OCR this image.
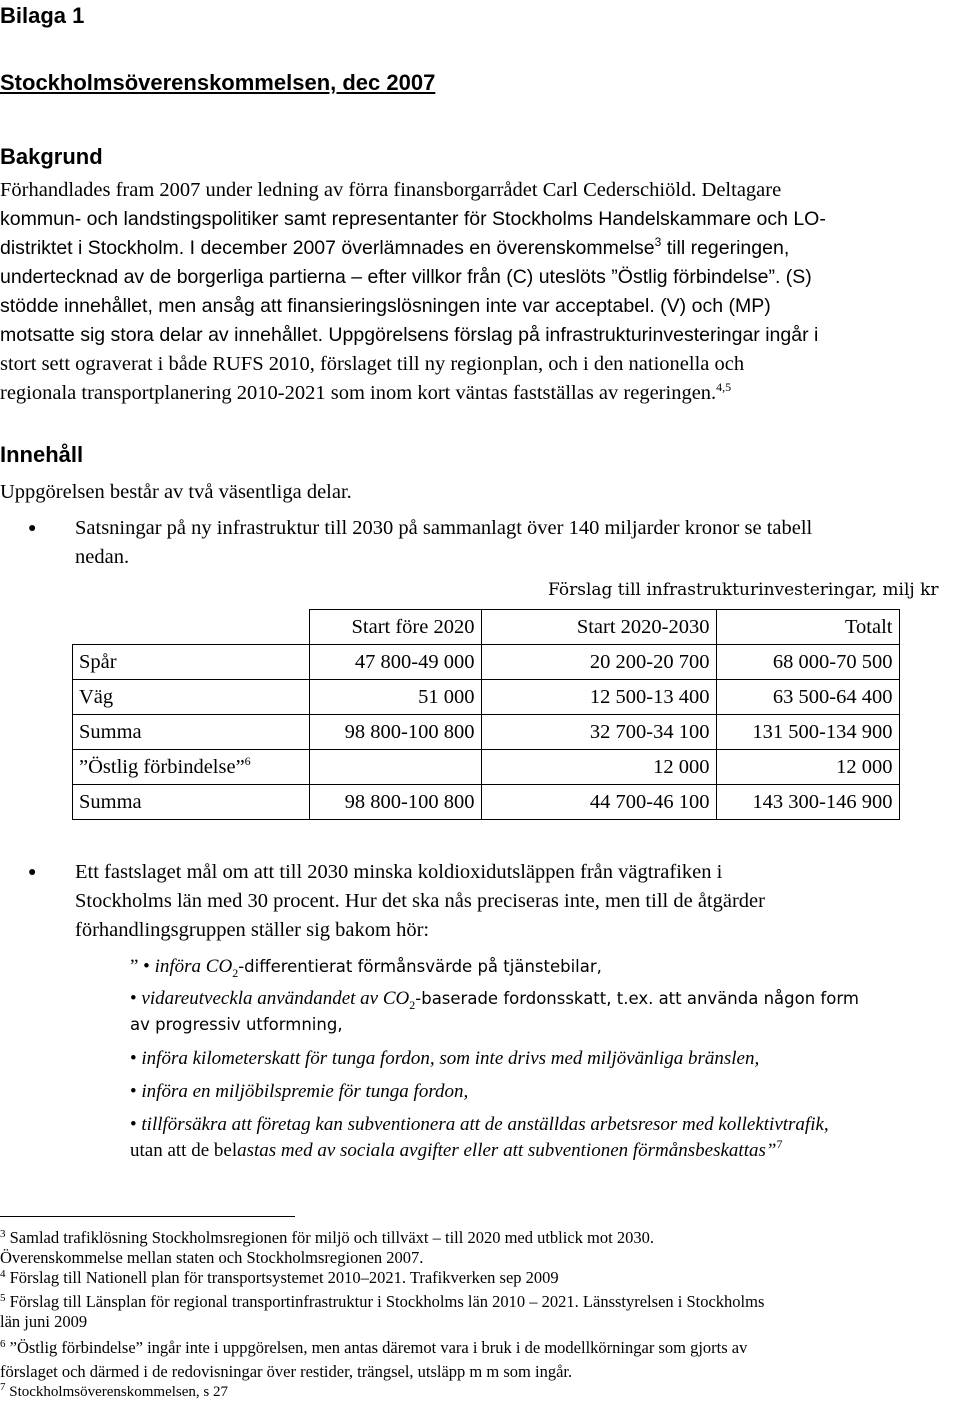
Bilaga 1
Stockholmsöverenskommelsen, dec 2007
Bakgrund
Förhandlades fram 2007 under ledning av förra finansborgarrådet Carl Cederschiöld. Deltagare
kommun- och landstingspolitiker samt representanter för Stockholms Handelskammare och LO-
distriktet i Stockholm. I december 2007 överlämnades en överenskommelse$^3$ till regeringen,
undertecknad av de borgerliga partierna – efter villkor från (C) uteslöts ”Östlig förbindelse”. (S)
stödde innehållet, men ansåg att finansieringslösningen inte var acceptabel. (V) och (MP)
motsatte sig stora delar av innehållet. Uppgörelsens förslag på infrastrukturinvesteringar ingår i
stort sett ograverat i både RUFS 2010, förslaget till ny regionplan, och i den nationella och
regionala transportplanering 2010-2021 som inom kort väntas fastställas av regeringen.$^{4,5}$
Innehåll
Uppgörelsen består av två väsentliga delar.
● Satsningar på ny infrastruktur till 2030 på sammanlagt över 140 miljarder kronor se tabell
nedan.
Förslag till infrastrukturinvesteringar, milj kr
	Start före 2020	Start 2020-2030	Totalt
Spår	47 800-49 000	20 200-20 700	68 000-70 500
Väg	51 000	12 500-13 400	63 500-64 400
Summa	98 800-100 800	32 700-34 100	131 500-134 900
”Östlig förbindelse”$^6$		12 000	12 000
Summa	98 800-100 800	44 700-46 100	143 300-146 900
● Ett fastslaget mål om att till 2030 minska koldioxidutsläppen från vägtrafiken i
Stockholms län med 30 procent. Hur det ska nås preciseras inte, men till de åtgärder
förhandlingsgruppen ställer sig bakom hör:
” • införa $CO_2$-differentierat förmånsvärde på tjänstebilar,
• vidareutveckla användandet av $CO_2$-baserade fordonsskatt, t.ex. att använda någon form
av progressiv utformning,
• införa kilometerskatt för tunga fordon, som inte drivs med miljövänliga bränslen,
• införa en miljöbilspremie för tunga fordon,
• tillförsäkra att företag kan subventionera att de anställdas arbetsresor med kollektivtrafik,
utan att de belastas med av sociala avgifter eller att subventionen förmånsbeskattas”$^7$
$^3$ Samlad trafiklösning Stockholmsregionen för miljö och tillväxt – till 2020 med utblick mot 2030.
Överenskommelse mellan staten och Stockholmsregionen 2007.
$^4$ Förslag till Nationell plan för transportsystemet 2010–2021. Trafikverken sep 2009
$^5$ Förslag till Länsplan för regional transportinfrastruktur i Stockholms län 2010 – 2021. Länsstyrelsen i Stockholms
län juni 2009
$^6$ ”Östlig förbindelse” ingår inte i uppgörelsen, men antas däremot vara i bruk i de modellkörningar som gjorts av
förslaget och därmed i de redovisningar över restider, trängsel, utsläpp m m som ingår.
$^7$ Stockholmsöverenskommelsen, s 27
